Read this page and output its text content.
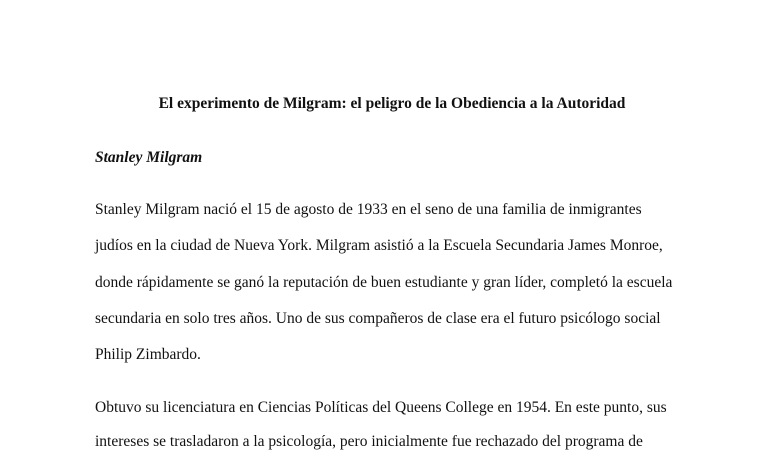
El experimento de Milgram: el peligro de la Obediencia a la Autoridad
Stanley Milgram
Stanley Milgram nació el 15 de agosto de 1933 en el seno de una familia de inmigrantes
judíos en la ciudad de Nueva York. Milgram asistió a la Escuela Secundaria James Monroe,
donde rápidamente se ganó la reputación de buen estudiante y gran líder, completó la escuela
secundaria en solo tres años. Uno de sus compañeros de clase era el futuro psicólogo social
Philip Zimbardo.
Obtuvo su licenciatura en Ciencias Políticas del Queens College en 1954. En este punto, sus
intereses se trasladaron a la psicología, pero inicialmente fue rechazado del programa de
